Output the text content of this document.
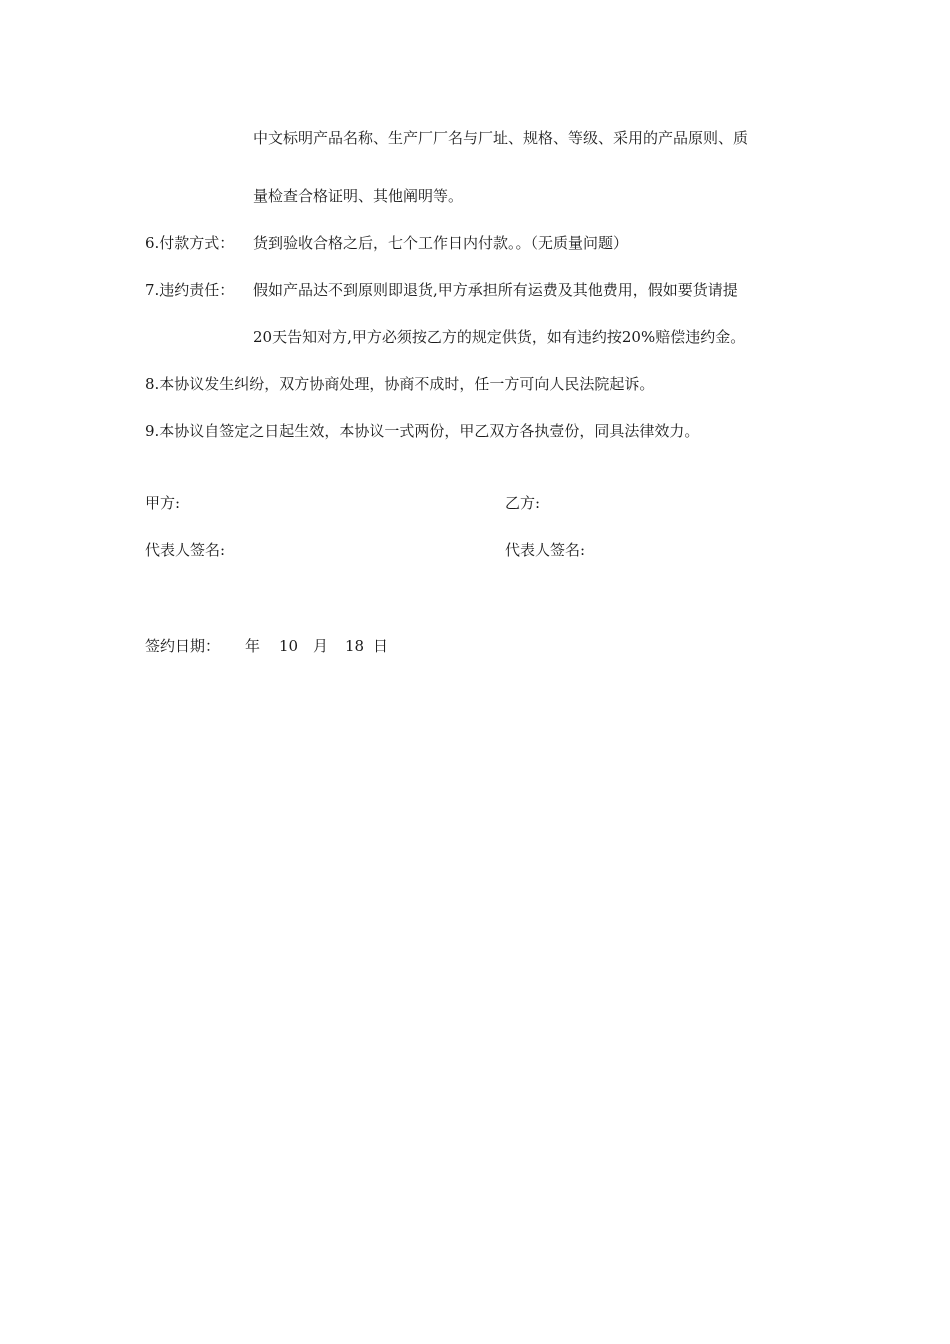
中文标明产品名称、生产厂厂名与厂址、规格、等级、采用的产品原则、质
量检查合格证明、其他阐明等。
6.付款方式： 货到验收合格之后，七个工作日内付款。。（无质量问题）
7.违约责任： 假如产品达不到原则即退货,甲方承担所有运费及其他费用，假如要货请提
20天告知对方,甲方必须按乙方的规定供货，如有违约按20%赔偿违约金。
8.本协议发生纠纷，双方协商处理，协商不成时，任一方可向人民法院起诉。
9.本协议自签定之日起生效，本协议一式两份，甲乙双方各执壹份，同具法律效力。
甲方:	乙方:
代表人签名:	代表人签名:
签约日期： 年 10 月 18 日
